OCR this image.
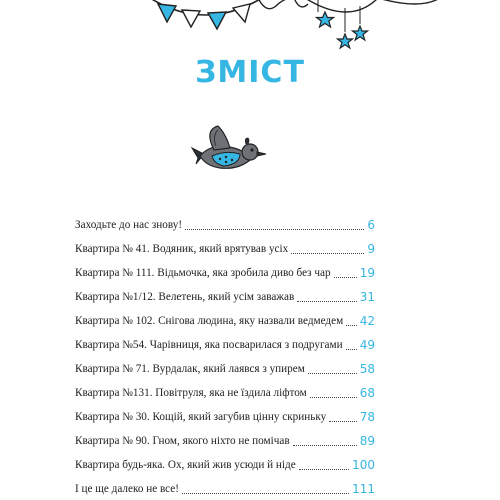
ЗМІСТ
Заходьте до нас знову!	6
Квартира № 41. Водяник, який врятував усіх	9
Квартира № 111. Відьмочка, яка зробила диво без чар 19
Квартира №1/12. Велетень, який усім заважав	31
Квартира № 102. Снігова людина, яку назвали ведмедем 42
Квартира №54. Чарівниця, яка посварилася з подругами 49
Квартира № 71. Вурдалак, який лаявся з упирем	58
Квартира №131. Повітруля, яка не їздила ліфтом	68
Квартира № 30. Кощій, який загубив цінну скриньку	78
Квартира № 90. Гном, якого ніхто не помічав	89
Квартира будь-яка. Ох, який жив усюди й ніде	100
І це ще далеко не все!	111
